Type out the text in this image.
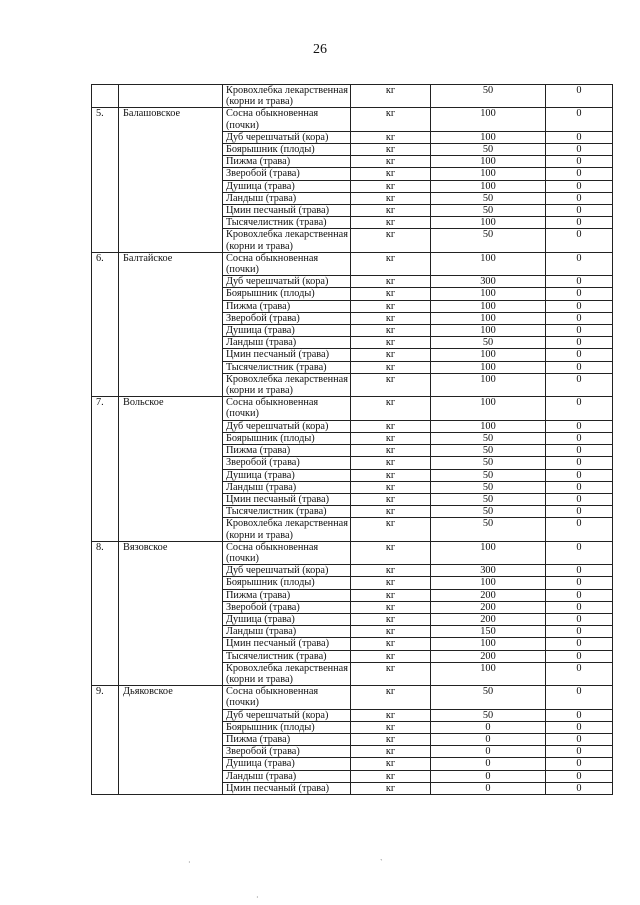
26
		Кровохлебка лекарственная (корни и трава)	кг	50	0
5.	Балашовское	Сосна обыкновенная (почки)	кг	100	0
		Дуб черешчатый (кора)	кг	100	0
		Боярышник (плоды)	кг	50	0
		Пижма (трава)	кг	100	0
		Зверобой (трава)	кг	100	0
		Душица (трава)	кг	100	0
		Ландыш (трава)	кг	50	0
		Цмин песчаный (трава)	кг	50	0
		Тысячелистник (трава)	кг	100	0
		Кровохлебка лекарственная (корни и трава)	кг	50	0
6.	Балтайское	Сосна обыкновенная (почки)	кг	100	0
		Дуб черешчатый (кора)	кг	300	0
		Боярышник (плоды)	кг	100	0
		Пижма (трава)	кг	100	0
		Зверобой (трава)	кг	100	0
		Душица (трава)	кг	100	0
		Ландыш (трава)	кг	50	0
		Цмин песчаный (трава)	кг	100	0
		Тысячелистник (трава)	кг	100	0
		Кровохлебка лекарственная (корни и трава)	кг	100	0
7.	Вольское	Сосна обыкновенная (почки)	кг	100	0
		Дуб черешчатый (кора)	кг	100	0
		Боярышник (плоды)	кг	50	0
		Пижма (трава)	кг	50	0
		Зверобой (трава)	кг	50	0
		Душица (трава)	кг	50	0
		Ландыш (трава)	кг	50	0
		Цмин песчаный (трава)	кг	50	0
		Тысячелистник (трава)	кг	50	0
		Кровохлебка лекарственная (корни и трава)	кг	50	0
8.	Вязовское	Сосна обыкновенная (почки)	кг	100	0
		Дуб черешчатый (кора)	кг	300	0
		Боярышник (плоды)	кг	100	0
		Пижма (трава)	кг	200	0
		Зверобой (трава)	кг	200	0
		Душица (трава)	кг	200	0
		Ландыш (трава)	кг	150	0
		Цмин песчаный (трава)	кг	100	0
		Тысячелистник (трава)	кг	200	0
		Кровохлебка лекарственная (корни и трава)	кг	100	0
9.	Дьяковское	Сосна обыкновенная (почки)	кг	50	0
		Дуб черешчатый (кора)	кг	50	0
		Боярышник (плоды)	кг	0	0
		Пижма (трава)	кг	0	0
		Зверобой (трава)	кг	0	0
		Душица (трава)	кг	0	0
		Ландыш (трава)	кг	0	0
		Цмин песчаный (трава)	кг	0	0
·	`
·
